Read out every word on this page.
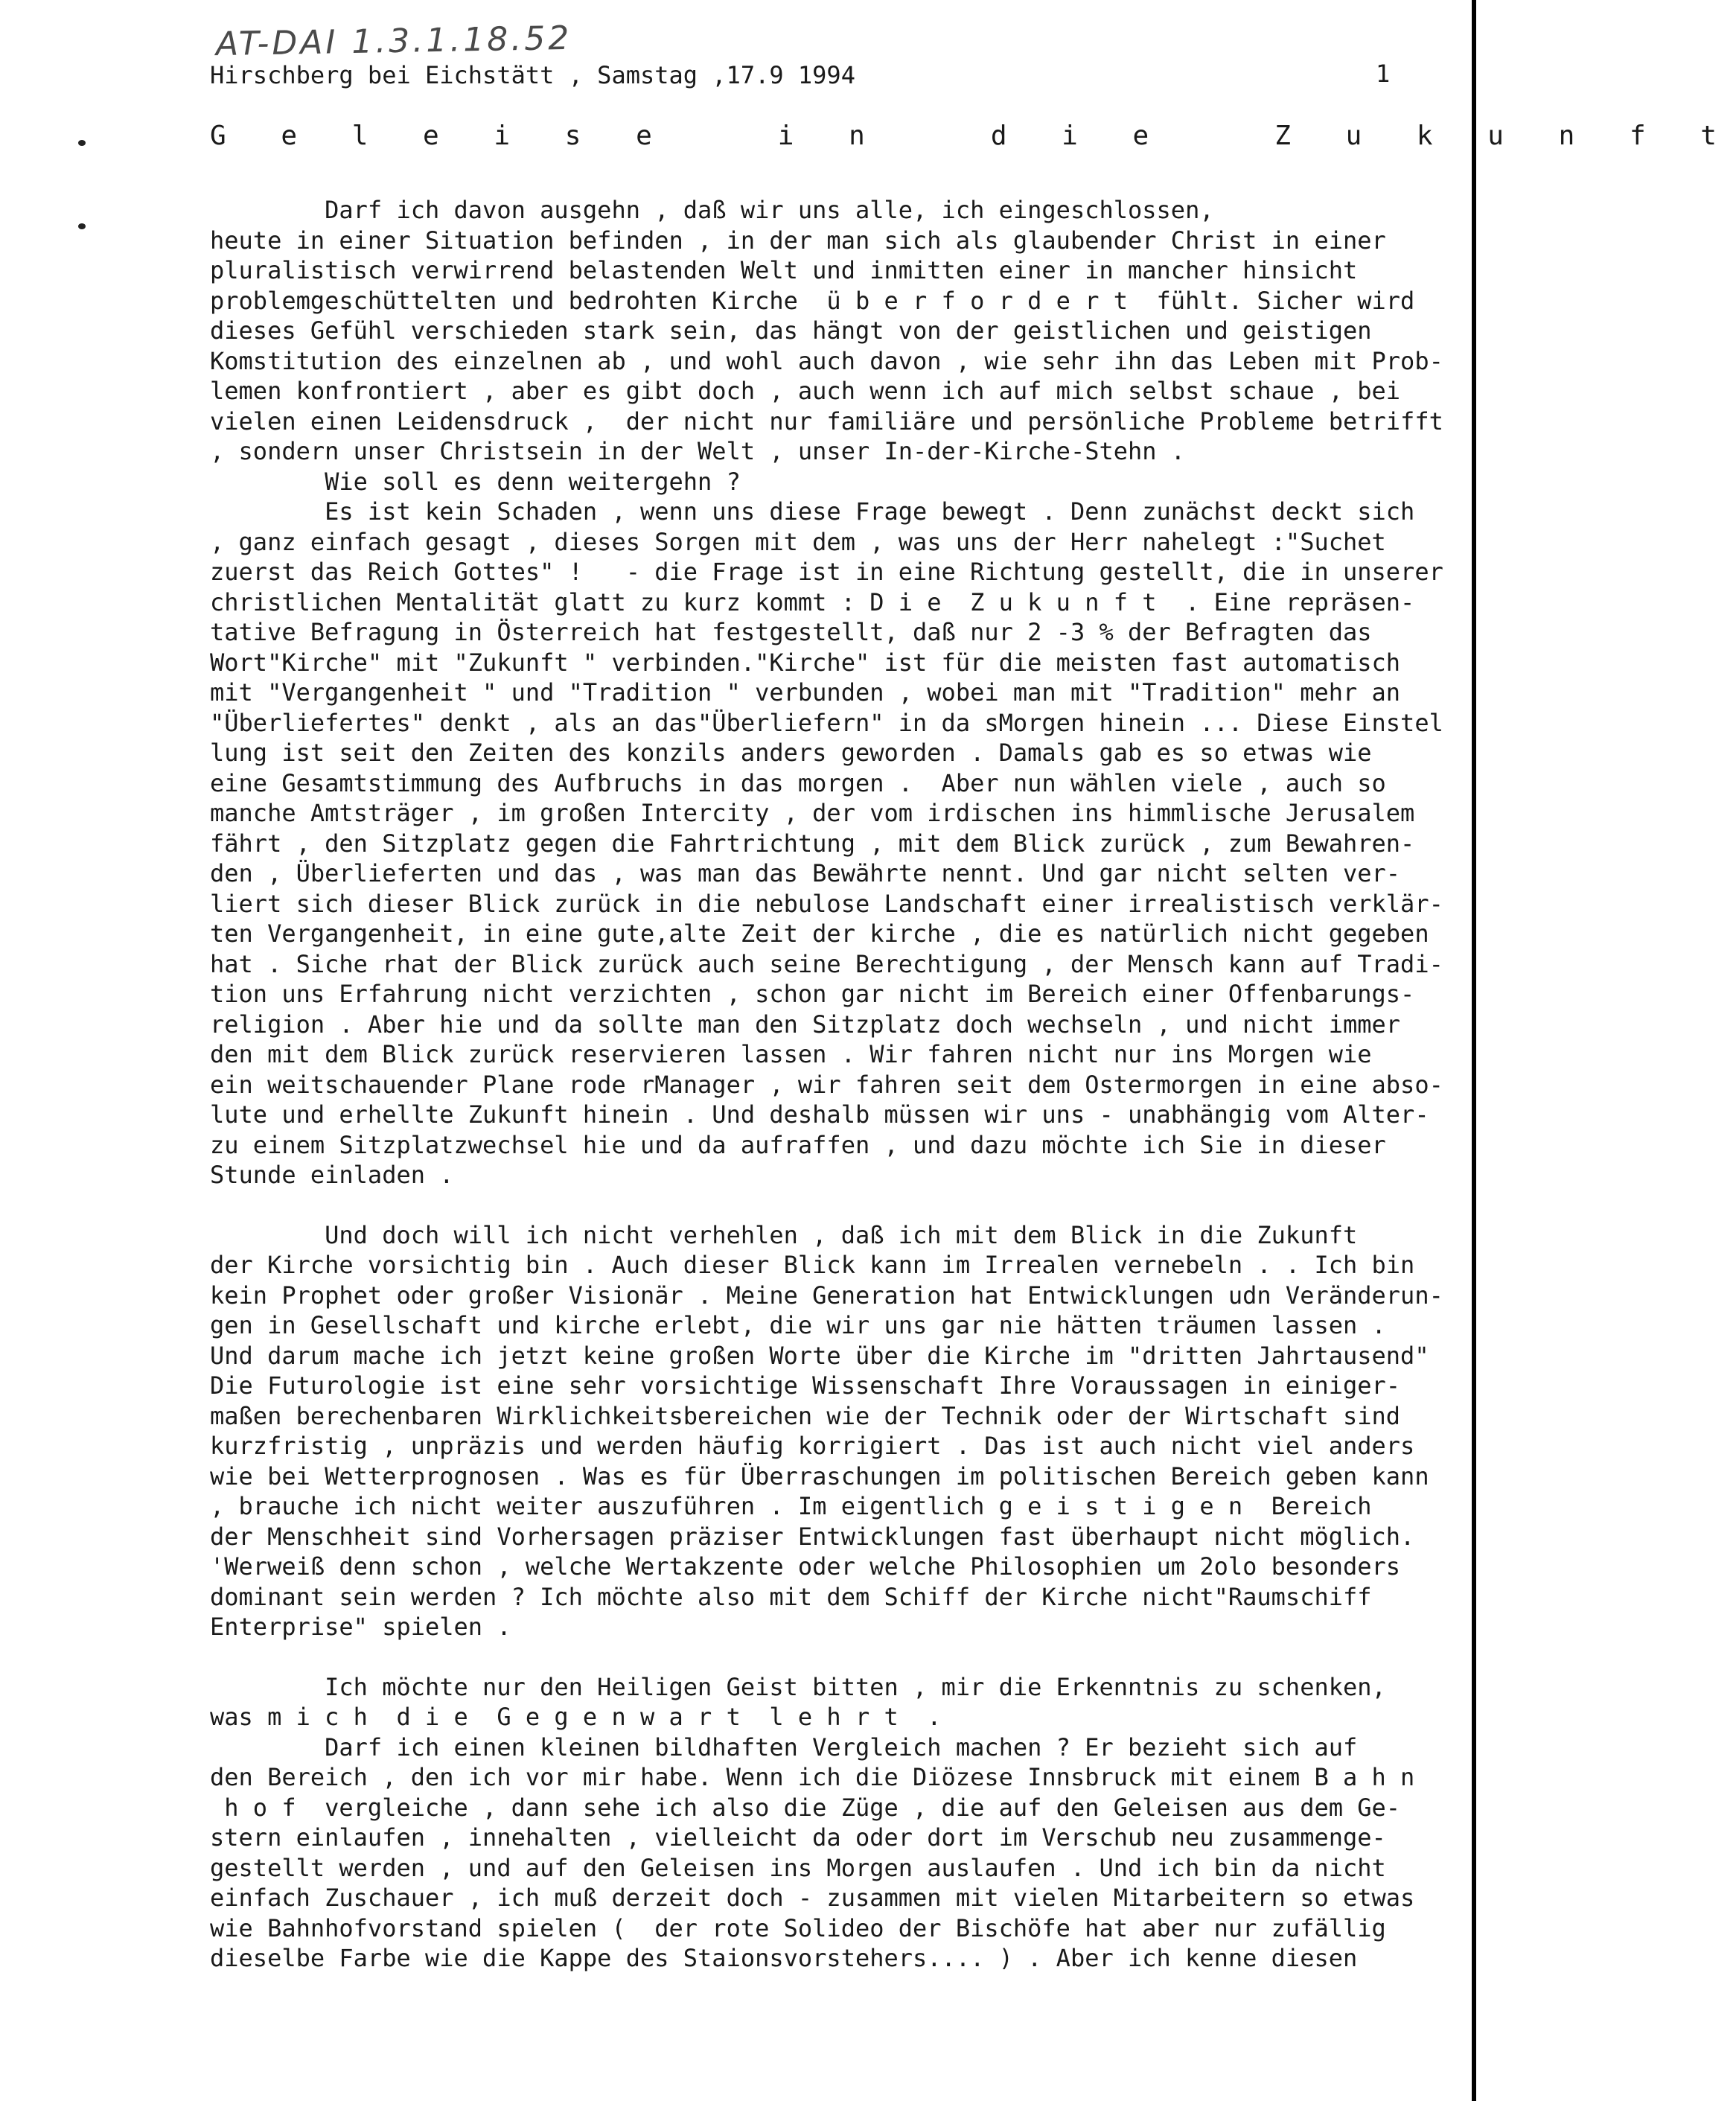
AT-DAI 1.3.1.18.52
1
Hirschberg bei Eichstätt , Samstag ,17.9 1994
G e l e i s e   i n   d i e   Z u k u n f t

Darf ich davon ausgehn , daß wir uns alle, ich eingeschlossen,

heute in einer Situation befinden , in der man sich als glaubender Christ in einer

pluralistisch verwirrend belastenden Welt und inmitten einer in mancher hinsicht

problemgeschüttelten und bedrohten Kirche  ü b e r f o r d e r t  fühlt. Sicher wird

dieses Gefühl verschieden stark sein, das hängt von der geistlichen und geistigen

Komstitution des einzelnen ab , und wohl auch davon , wie sehr ihn das Leben mit Prob-

lemen konfrontiert , aber es gibt doch , auch wenn ich auf mich selbst schaue , bei

vielen einen Leidensdruck ,  der nicht nur familiäre und persönliche Probleme betrifft

, sondern unser Christsein in der Welt , unser In-der-Kirche-Stehn .

Wie soll es denn weitergehn ?

Es ist kein Schaden , wenn uns diese Frage bewegt . Denn zunächst deckt sich

, ganz einfach gesagt , dieses Sorgen mit dem , was uns der Herr nahelegt :"Suchet

zuerst das Reich Gottes" !   - die Frage ist in eine Richtung gestellt, die in unserer

christlichen Mentalität glatt zu kurz kommt : D i e  Z u k u n f t  . Eine repräsen-

tative Befragung in Österreich hat festgestellt, daß nur 2 -3 % der Befragten das

Wort"Kirche" mit "Zukunft " verbinden."Kirche" ist für die meisten fast automatisch

mit "Vergangenheit " und "Tradition " verbunden , wobei man mit "Tradition" mehr an

"Überliefertes" denkt , als an das"Überliefern" in da sMorgen hinein ... Diese Einstel

lung ist seit den Zeiten des konzils anders geworden . Damals gab es so etwas wie

eine Gesamtstimmung des Aufbruchs in das morgen .  Aber nun wählen viele , auch so

manche Amtsträger , im großen Intercity , der vom irdischen ins himmlische Jerusalem

fährt , den Sitzplatz gegen die Fahrtrichtung , mit dem Blick zurück , zum Bewahren-

den , Überlieferten und das , was man das Bewährte nennt. Und gar nicht selten ver-

liert sich dieser Blick zurück in die nebulose Landschaft einer irrealistisch verklär-

ten Vergangenheit, in eine gute,alte Zeit der kirche , die es natürlich nicht gegeben

hat . Siche rhat der Blick zurück auch seine Berechtigung , der Mensch kann auf Tradi-

tion uns Erfahrung nicht verzichten , schon gar nicht im Bereich einer Offenbarungs-

religion . Aber hie und da sollte man den Sitzplatz doch wechseln , und nicht immer

den mit dem Blick zurück reservieren lassen . Wir fahren nicht nur ins Morgen wie

ein weitschauender Plane rode rManager , wir fahren seit dem Ostermorgen in eine abso-

lute und erhellte Zukunft hinein . Und deshalb müssen wir uns - unabhängig vom Alter-

zu einem Sitzplatzwechsel hie und da aufraffen , und dazu möchte ich Sie in dieser

Stunde einladen .

Und doch will ich nicht verhehlen , daß ich mit dem Blick in die Zukunft

der Kirche vorsichtig bin . Auch dieser Blick kann im Irrealen vernebeln . . Ich bin

kein Prophet oder großer Visionär . Meine Generation hat Entwicklungen udn Veränderun-

gen in Gesellschaft und kirche erlebt, die wir uns gar nie hätten träumen lassen .

Und darum mache ich jetzt keine großen Worte über die Kirche im "dritten Jahrtausend"

Die Futurologie ist eine sehr vorsichtige Wissenschaft Ihre Voraussagen in einiger-

maßen berechenbaren Wirklichkeitsbereichen wie der Technik oder der Wirtschaft sind

kurzfristig , unpräzis und werden häufig korrigiert . Das ist auch nicht viel anders

wie bei Wetterprognosen . Was es für Überraschungen im politischen Bereich geben kann

, brauche ich nicht weiter auszuführen . Im eigentlich g e i s t i g e n  Bereich

der Menschheit sind Vorhersagen präziser Entwicklungen fast überhaupt nicht möglich.

'Werweiß denn schon , welche Wertakzente oder welche Philosophien um 2olo besonders

dominant sein werden ? Ich möchte also mit dem Schiff der Kirche nicht"Raumschiff

Enterprise" spielen .

Ich möchte nur den Heiligen Geist bitten , mir die Erkenntnis zu schenken,

was m i c h  d i e  G e g e n w a r t  l e h r t  .

Darf ich einen kleinen bildhaften Vergleich machen ? Er bezieht sich auf

den Bereich , den ich vor mir habe. Wenn ich die Diözese Innsbruck mit einem B a h n

h o f  vergleiche , dann sehe ich also die Züge , die auf den Geleisen aus dem Ge-

stern einlaufen , innehalten , vielleicht da oder dort im Verschub neu zusammenge-

gestellt werden , und auf den Geleisen ins Morgen auslaufen . Und ich bin da nicht

einfach Zuschauer , ich muß derzeit doch - zusammen mit vielen Mitarbeitern so etwas

wie Bahnhofvorstand spielen (  der rote Solideo der Bischöfe hat aber nur zufällig

dieselbe Farbe wie die Kappe des Staionsvorstehers.... ) . Aber ich kenne diesen
